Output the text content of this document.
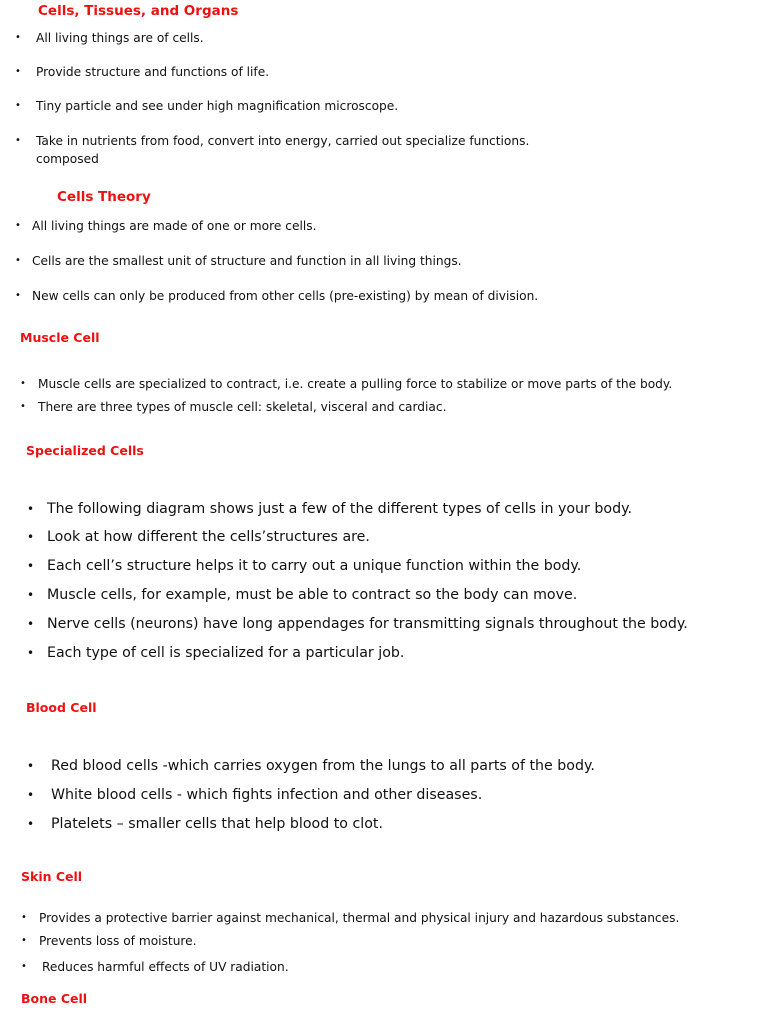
Cells, Tissues, and Organs
• All living things are of cells.
• Provide structure and functions of life.
• Tiny particle and see under high magnification microscope.
• Take in nutrients from food, convert into energy, carried out specialize functions.
composed
Cells Theory
• All living things are made of one or more cells.
• Cells are the smallest unit of structure and function in all living things.
• New cells can only be produced from other cells (pre-existing) by mean of division.
Muscle Cell
• Muscle cells are specialized to contract, i.e. create a pulling force to stabilize or move parts of the body.
• There are three types of muscle cell: skeletal, visceral and cardiac.
Specialized Cells
• The following diagram shows just a few of the different types of cells in your body.
• Look at how different the cells’structures are.
• Each cell’s structure helps it to carry out a unique function within the body.
• Muscle cells, for example, must be able to contract so the body can move.
• Nerve cells (neurons) have long appendages for transmitting signals throughout the body.
• Each type of cell is specialized for a particular job.
Blood Cell
• Red blood cells -which carries oxygen from the lungs to all parts of the body.
• White blood cells - which fights infection and other diseases.
• Platelets – smaller cells that help blood to clot.
Skin Cell
• Provides a protective barrier against mechanical, thermal and physical injury and hazardous substances.
• Prevents loss of moisture.
• Reduces harmful effects of UV radiation.
Bone Cell
